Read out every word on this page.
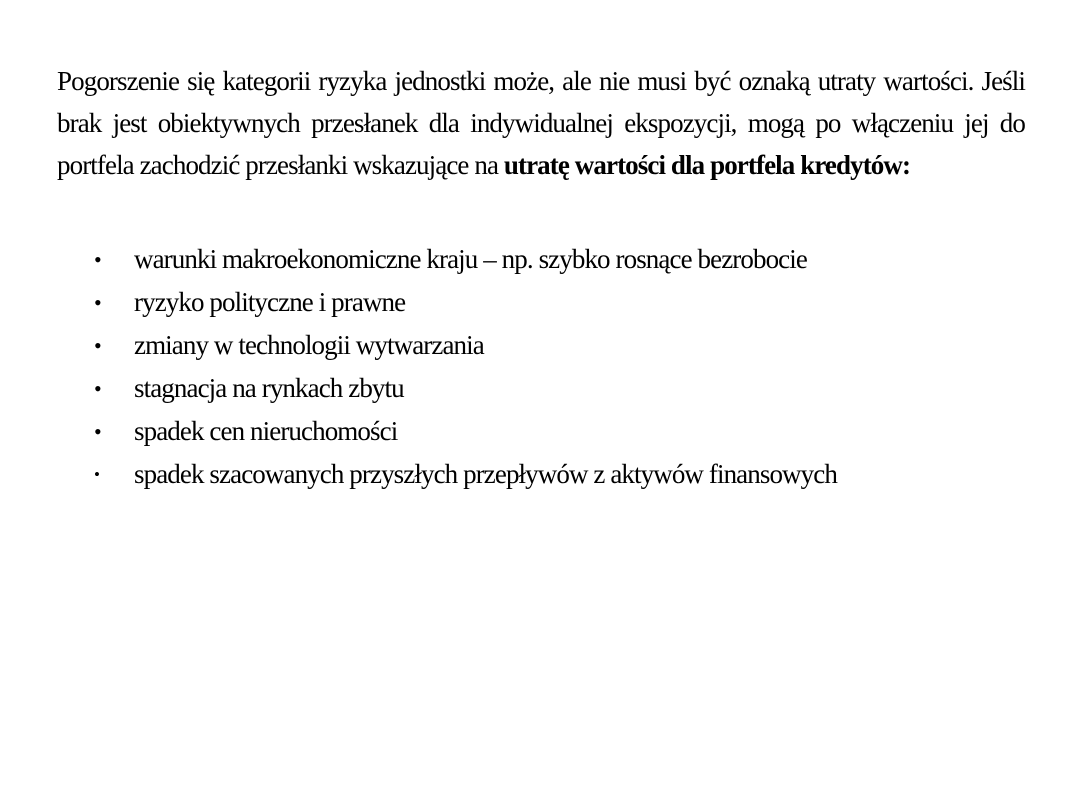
Pogorszenie się kategorii ryzyka jednostki może, ale nie musi być oznaką utraty wartości. Jeśli brak jest obiektywnych przesłanek dla indywidualnej ekspozycji, mogą po włączeniu jej do portfela zachodzić przesłanki wskazujące na utratę wartości dla portfela kredytów:

•	warunki makroekonomiczne kraju – np. szybko rosnące bezrobocie
•	ryzyko polityczne i prawne
•	zmiany w technologii wytwarzania
•	stagnacja na rynkach zbytu
•	spadek cen nieruchomości
•	spadek szacowanych przyszłych przepływów z aktywów finansowych
